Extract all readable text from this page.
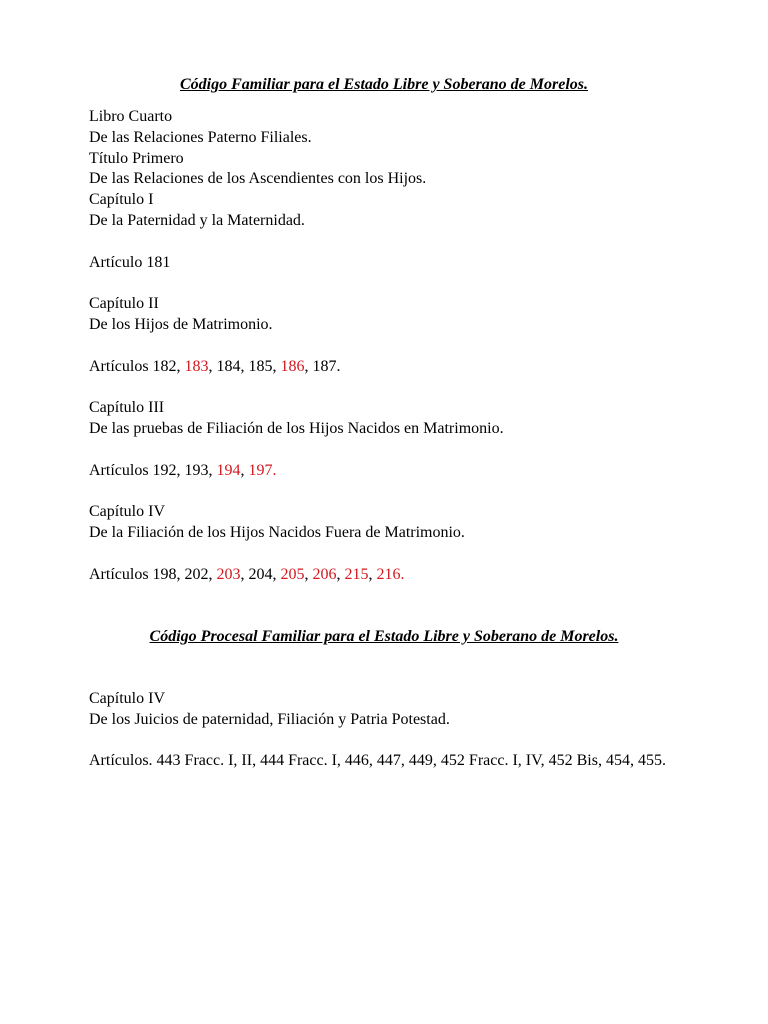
Código Familiar para el Estado Libre y Soberano de Morelos.
Libro Cuarto
De las Relaciones Paterno Filiales.
Título Primero
De las Relaciones de los Ascendientes con los Hijos.
Capítulo I
De la Paternidad y la Maternidad.
Artículo 181
Capítulo II
De los Hijos de Matrimonio.
Artículos 182, 183, 184, 185, 186, 187.
Capítulo III
De las pruebas de Filiación de los Hijos Nacidos en Matrimonio.
Artículos 192, 193, 194, 197.
Capítulo IV
De la Filiación de los Hijos Nacidos Fuera de Matrimonio.
Artículos 198, 202, 203, 204, 205, 206, 215, 216.
Código Procesal Familiar para el Estado Libre y Soberano de Morelos.
Capítulo IV
De los Juicios de paternidad, Filiación y Patria Potestad.
Artículos. 443 Fracc. I, II, 444 Fracc. I, 446, 447, 449, 452 Fracc. I, IV, 452 Bis, 454, 455.
